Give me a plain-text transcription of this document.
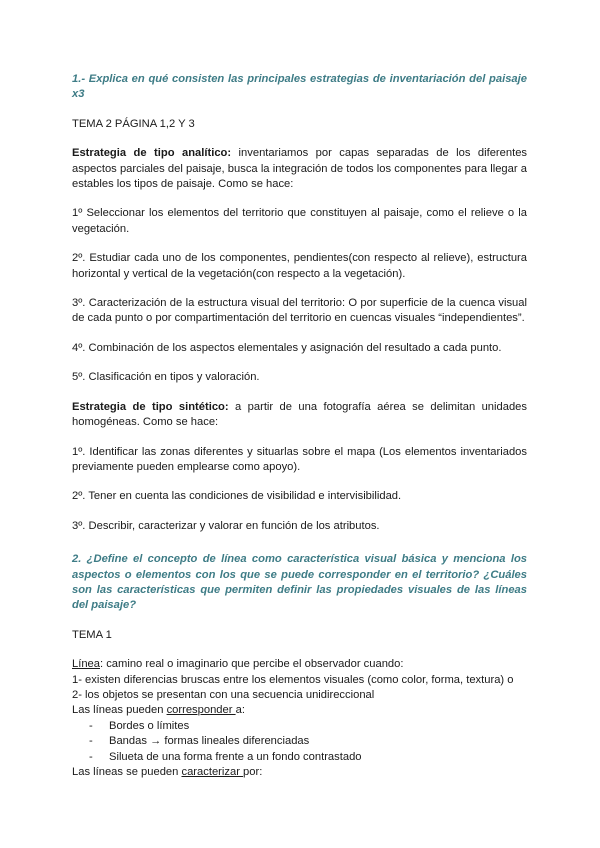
1.- Explica en qué consisten las principales estrategias de inventariación del paisaje x3

TEMA 2 PÁGINA 1,2 Y 3

Estrategia de tipo analítico: inventariamos por capas separadas de los diferentes aspectos parciales del paisaje, busca la integración de todos los componentes para llegar a estables los tipos de paisaje. Como se hace:

1º Seleccionar los elementos del territorio que constituyen al paisaje, como el relieve o la vegetación.

2º. Estudiar cada uno de los componentes, pendientes(con respecto al relieve), estructura horizontal y vertical de la vegetación(con respecto a la vegetación).

3º. Caracterización de la estructura visual del territorio: O por superficie de la cuenca visual de cada punto o por compartimentación del territorio en cuencas visuales “independientes”.

4º. Combinación de los aspectos elementales y asignación del resultado a cada punto.

5º. Clasificación en tipos y valoración.

Estrategia de tipo sintético: a partir de una fotografía aérea se delimitan unidades homogéneas. Como se hace:

1º. Identificar las zonas diferentes y situarlas sobre el mapa (Los elementos inventariados previamente pueden emplearse como apoyo).

2º. Tener en cuenta las condiciones de visibilidad e intervisibilidad.

3º. Describir, caracterizar y valorar en función de los atributos.

2. ¿Define el concepto de línea como característica visual básica y menciona los aspectos o elementos con los que se puede corresponder en el territorio? ¿Cuáles son las características que permiten definir las propiedades visuales de las líneas del paisaje?

TEMA 1

Línea: camino real o imaginario que percibe el observador cuando:

1- existen diferencias bruscas entre los elementos visuales (como color, forma, textura) o

2- los objetos se presentan con una secuencia unidireccional

Las líneas pueden corresponder a:

- Bordes o límites
- Bandas → formas lineales diferenciadas
- Silueta de una forma frente a un fondo contrastado

Las líneas se pueden caracterizar por:
